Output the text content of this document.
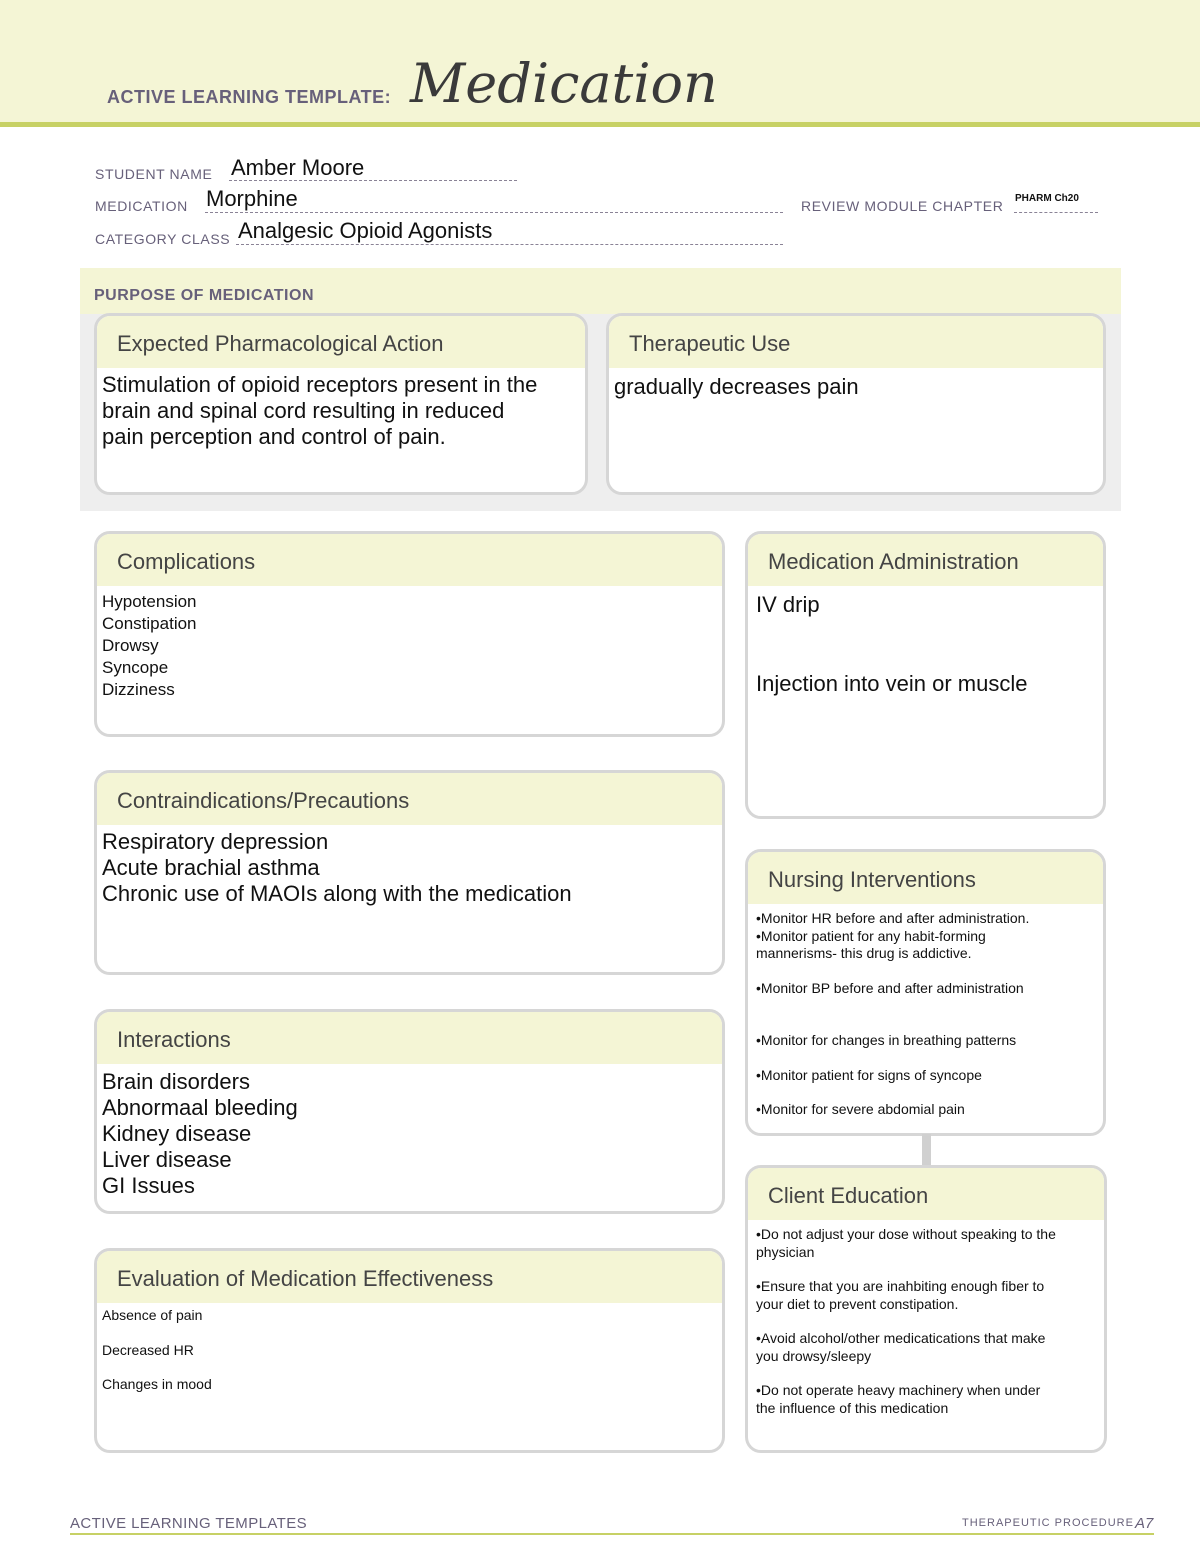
ACTIVE LEARNING TEMPLATE: Medication
STUDENT NAME Amber Moore
MEDICATION Morphine	REVIEW MODULE CHAPTER PHARM Ch20
CATEGORY CLASS Analgesic Opioid Agonists
PURPOSE OF MEDICATION
Expected Pharmacological Action
Stimulation of opioid receptors present in the
brain and spinal cord resulting in reduced
pain perception and control of pain.
Therapeutic Use
gradually decreases pain
Complications
Hypotension
Constipation
Drowsy
Syncope
Dizziness
Medication Administration
IV drip
Injection into vein or muscle
Contraindications/Precautions
Respiratory depression
Acute brachial asthma
Chronic use of MAOIs along with the medication
Nursing Interventions
•Monitor HR before and after administration.
•Monitor patient for any habit-forming
mannerisms- this drug is addictive.
•Monitor BP before and after administration
•Monitor for changes in breathing patterns
•Monitor patient for signs of syncope
•Monitor for severe abdomial pain
Interactions
Brain disorders
Abnormaal bleeding
Kidney disease
Liver disease
GI Issues	Client Education
•Do not adjust your dose without speaking to the
physician
•Ensure that you are inahbiting enough fiber to
your diet to prevent constipation.
•Avoid alcohol/other medicatications that make
you drowsy/sleepy
•Do not operate heavy machinery when under
the influence of this medication
Evaluation of Medication Effectiveness
Absence of pain
Decreased HR
Changes in mood
ACTIVE LEARNING TEMPLATES	THERAPEUTIC PROCEDURE A7
